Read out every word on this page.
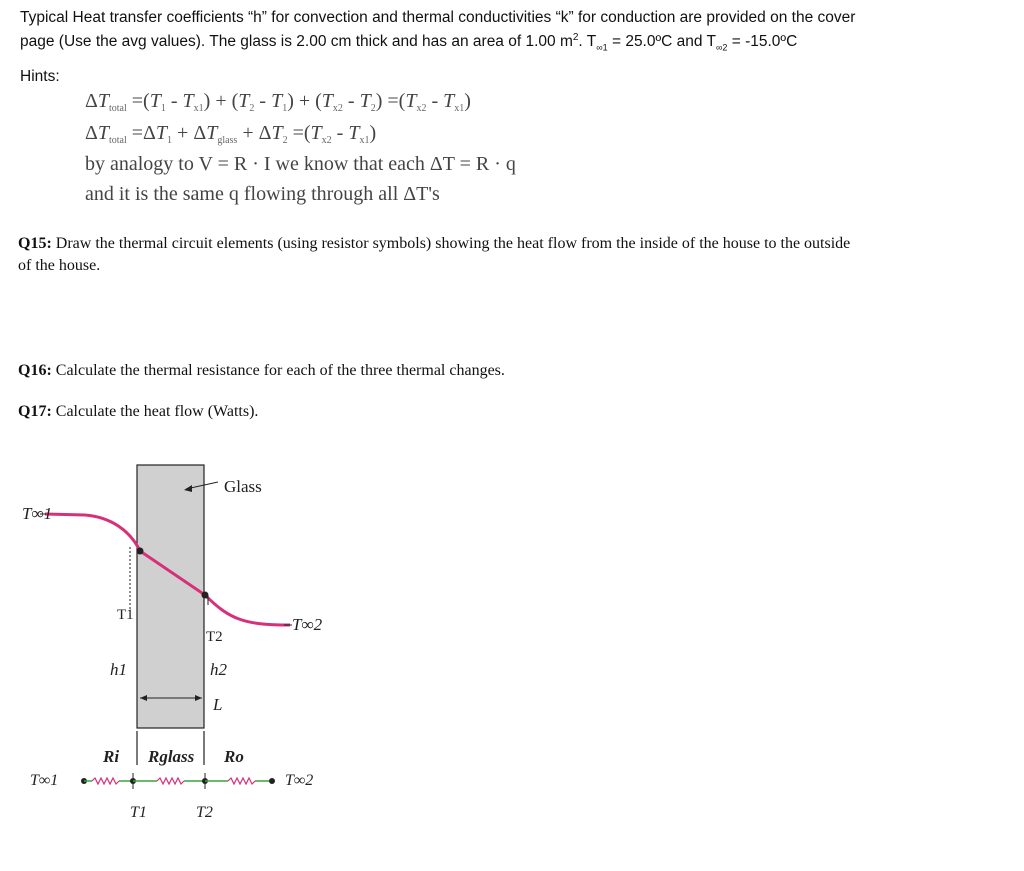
Typical Heat transfer coefficients “h” for convection and thermal conductivities “k” for conduction are provided on the cover
page (Use the avg values). The glass is 2.00 cm thick and has an area of 1.00 $m^2$. $T_{\infty 1}$ = 25.0ºC and $T_{\infty 2}$ = -15.0ºC
Hints:
$\Delta T_{total} =(T_1 - T_{x1}) + (T_2 - T_1) + (T_{x2} - T_2) =(T_{x2} - T_{x1})$
$\Delta T_{total} =\Delta T_1 + \Delta T_{glass} + \Delta T_2 =(T_{x2} - T_{x1})$
by analogy to V = R · I we know that each ΔT = R · q
and it is the same q flowing through all ΔT's
Q15: Draw the thermal circuit elements (using resistor symbols) showing the heat flow from the inside of the house to the outside
of the house.
Q16: Calculate the thermal resistance for each of the three thermal changes.
Q17: Calculate the heat flow (Watts).
Glass
T∞1
T∞2
T1
T2
h1	h2
L
Ri Rglass Ro
T∞1	T∞2
T1	T2
